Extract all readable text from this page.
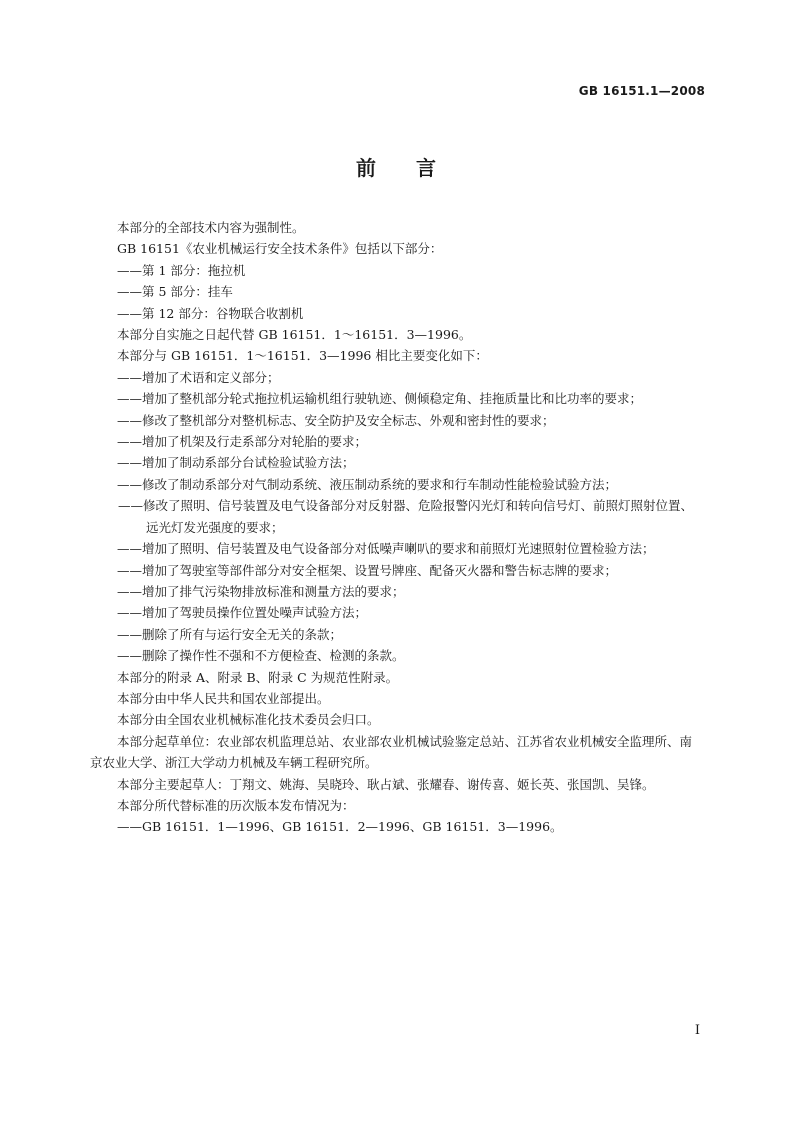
GB 16151.1—2008
前 言

本部分的全部技术内容为强制性。

GB 16151《农业机械运行安全技术条件》包括以下部分：

——第 1 部分：拖拉机

——第 5 部分：挂车

——第 12 部分：谷物联合收割机

本部分自实施之日起代替 GB 16151．1～16151．3—1996。

本部分与 GB 16151．1～16151．3—1996 相比主要变化如下：

——增加了术语和定义部分；

——增加了整机部分轮式拖拉机运输机组行驶轨迹、侧倾稳定角、挂拖质量比和比功率的要求；

——修改了整机部分对整机标志、安全防护及安全标志、外观和密封性的要求；

——增加了机架及行走系部分对轮胎的要求；

——增加了制动系部分台试检验试验方法；

——修改了制动系部分对气制动系统、液压制动系统的要求和行车制动性能检验试验方法；

——修改了照明、信号装置及电气设备部分对反射器、危险报警闪光灯和转向信号灯、前照灯照射位置、远光灯发光强度的要求；

——增加了照明、信号装置及电气设备部分对低噪声喇叭的要求和前照灯光速照射位置检验方法；

——增加了驾驶室等部件部分对安全框架、设置号牌座、配备灭火器和警告标志牌的要求；

——增加了排气污染物排放标准和测量方法的要求；

——增加了驾驶员操作位置处噪声试验方法；

——删除了所有与运行安全无关的条款；

——删除了操作性不强和不方便检查、检测的条款。

本部分的附录 A、附录 B、附录 C 为规范性附录。

本部分由中华人民共和国农业部提出。

本部分由全国农业机械标准化技术委员会归口。

本部分起草单位：农业部农机监理总站、农业部农业机械试验鉴定总站、江苏省农业机械安全监理所、南京农业大学、浙江大学动力机械及车辆工程研究所。

本部分主要起草人：丁翔文、姚海、吴晓玲、耿占斌、张耀春、谢传喜、姬长英、张国凯、吴锋。

本部分所代替标准的历次版本发布情况为：

——GB 16151．1—1996、GB 16151．2—1996、GB 16151．3—1996。

I
